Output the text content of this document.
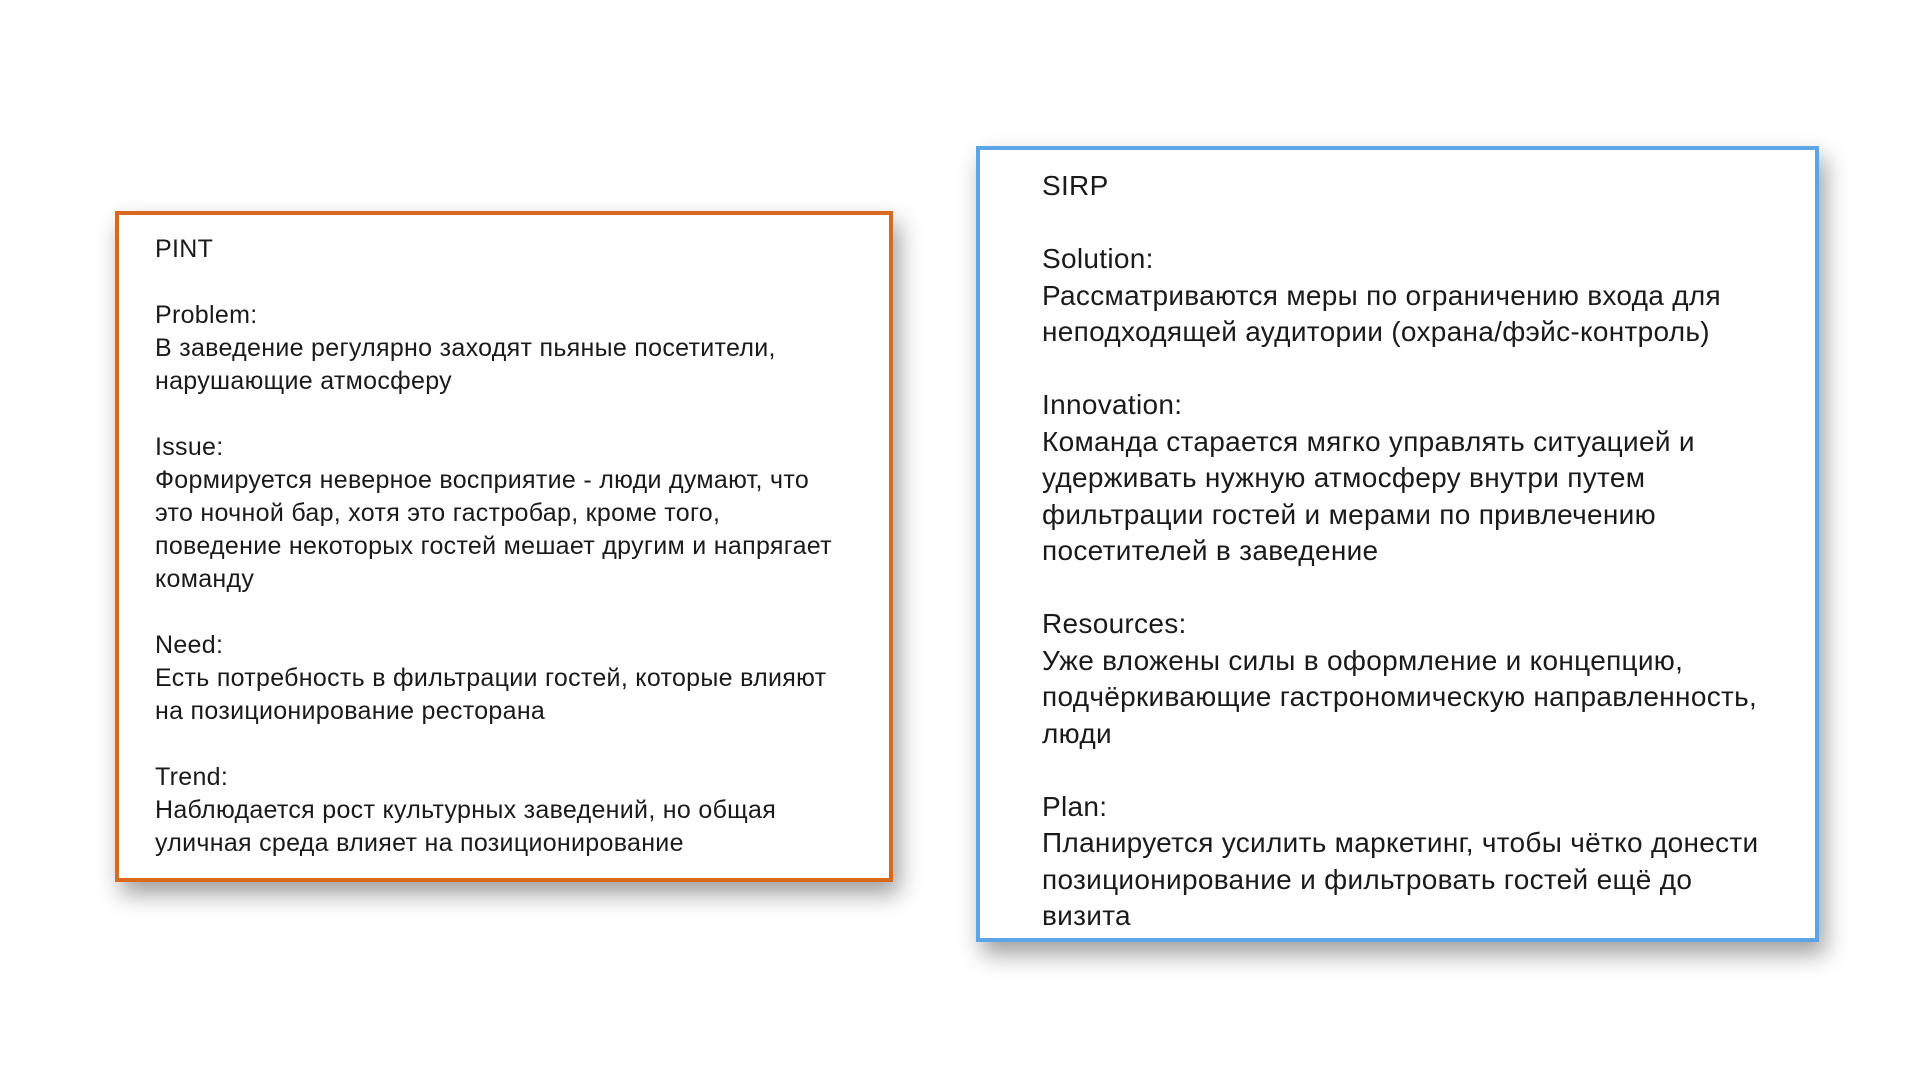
PINT
Problem:
В заведение регулярно заходят пьяные посетители, нарушающие атмосферу
Issue:
Формируется неверное восприятие - люди думают, что это ночной бар, хотя это гастробар, кроме того, поведение некоторых гостей мешает другим и напрягает команду
Need:
Есть потребность в фильтрации гостей, которые влияют на позиционирование ресторана
Trend:
Наблюдается рост культурных заведений, но общая уличная среда влияет на позиционирование
SIRP
Solution:
Рассматриваются меры по ограничению входа для неподходящей аудитории (охрана/фэйс-контроль)
Innovation:
Команда старается мягко управлять ситуацией и удерживать нужную атмосферу внутри путем фильтрации гостей и мерами по привлечению посетителей в заведение
Resources:
Уже вложены силы в оформление и концепцию, подчёркивающие гастрономическую направленность, люди
Plan:
Планируется усилить маркетинг, чтобы чётко донести позиционирование и фильтровать гостей ещё до визита
